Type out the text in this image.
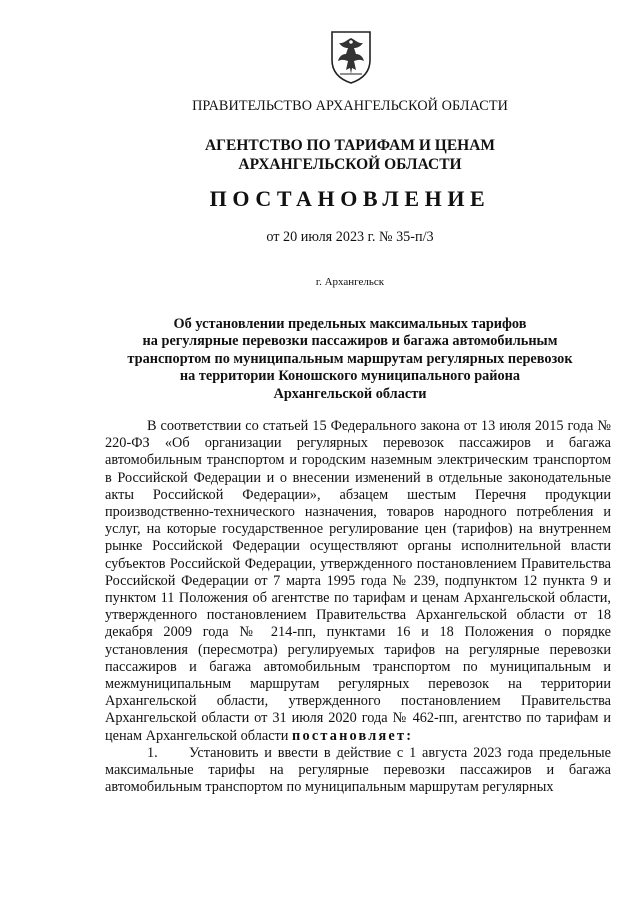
ПРАВИТЕЛЬСТВО АРХАНГЕЛЬСКОЙ ОБЛАСТИ
АГЕНТСТВО ПО ТАРИФАМ И ЦЕНАМ
АРХАНГЕЛЬСКОЙ ОБЛАСТИ
ПОСТАНОВЛЕНИЕ
от 20 июля 2023 г. № 35-п/3
г. Архангельск
Об установлении предельных максимальных тарифов
на регулярные перевозки пассажиров и багажа автомобильным
транспортом по муниципальным маршрутам регулярных перевозок
на территории Коношского муниципального района
Архангельской области

В соответствии со статьей 15 Федерального закона от 13 июля 2015 года № 220-ФЗ «Об организации регулярных перевозок пассажиров и багажа автомобильным транспортом и городским наземным электрическим транспортом в Российской Федерации и о внесении изменений в отдельные законодательные акты Российской Федерации», абзацем шестым Перечня продукции производственно-технического назначения, товаров народного потребления и услуг, на которые государственное регулирование цен (тарифов) на внутреннем рынке Российской Федерации осуществляют органы исполнительной власти субъектов Российской Федерации, утвержденного постановлением Правительства Российской Федерации от 7 марта 1995 года № 239, подпунктом 12 пункта 9 и пунктом 11 Положения об агентстве по тарифам и ценам Архангельской области, утвержденного постановлением Правительства Архангельской области от 18 декабря 2009 года № 214-пп, пунктами 16 и 18 Положения о порядке установления (пересмотра) регулируемых тарифов на регулярные перевозки пассажиров и багажа автомобильным транспортом по муниципальным и межмуниципальным маршрутам регулярных перевозок на территории Архангельской области, утвержденного постановлением Правительства Архангельской области от 31 июля 2020 года № 462-пп, агентство по тарифам и ценам Архангельской области постановляет:

1. Установить и ввести в действие с 1 августа 2023 года предельные максимальные тарифы на регулярные перевозки пассажиров и багажа автомобильным транспортом по муниципальным маршрутам регулярных
